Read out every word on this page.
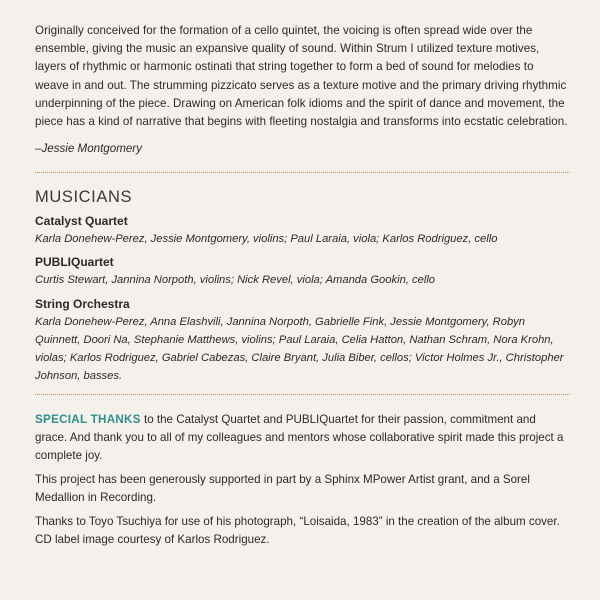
Originally conceived for the formation of a cello quintet, the voicing is often spread wide over the ensemble, giving the music an expansive quality of sound. Within Strum I utilized texture motives, layers of rhythmic or harmonic ostinati that string together to form a bed of sound for melodies to weave in and out. The strumming pizzicato serves as a texture motive and the primary driving rhythmic underpinning of the piece. Drawing on American folk idioms and the spirit of dance and movement, the piece has a kind of narrative that begins with fleeting nostalgia and transforms into ecstatic celebration.

–Jessie Montgomery

MUSICIANS
Catalyst Quartet
Karla Donehew-Perez, Jessie Montgomery, violins; Paul Laraia, viola; Karlos Rodriguez, cello
PUBLIQuartet
Curtis Stewart, Jannina Norpoth, violins; Nick Revel, viola; Amanda Gookin, cello
String Orchestra
Karla Donehew-Perez, Anna Elashvili, Jannina Norpoth, Gabrielle Fink, Jessie Montgomery, Robyn Quinnett, Doori Na, Stephanie Matthews, violins; Paul Laraia, Celia Hatton, Nathan Schram, Nora Krohn, violas; Karlos Rodriguez, Gabriel Cabezas, Claire Bryant, Julia Biber, cellos; Victor Holmes Jr., Christopher Johnson, basses.
SPECIAL THANKS to the Catalyst Quartet and PUBLIQuartet for their passion, commitment and grace. And thank you to all of my colleagues and mentors whose collaborative spirit made this project a complete joy.

This project has been generously supported in part by a Sphinx MPower Artist grant, and a Sorel Medallion in Recording.

Thanks to Toyo Tsuchiya for use of his photograph, “Loisaida, 1983” in the creation of the album cover. CD label image courtesy of Karlos Rodriguez.
